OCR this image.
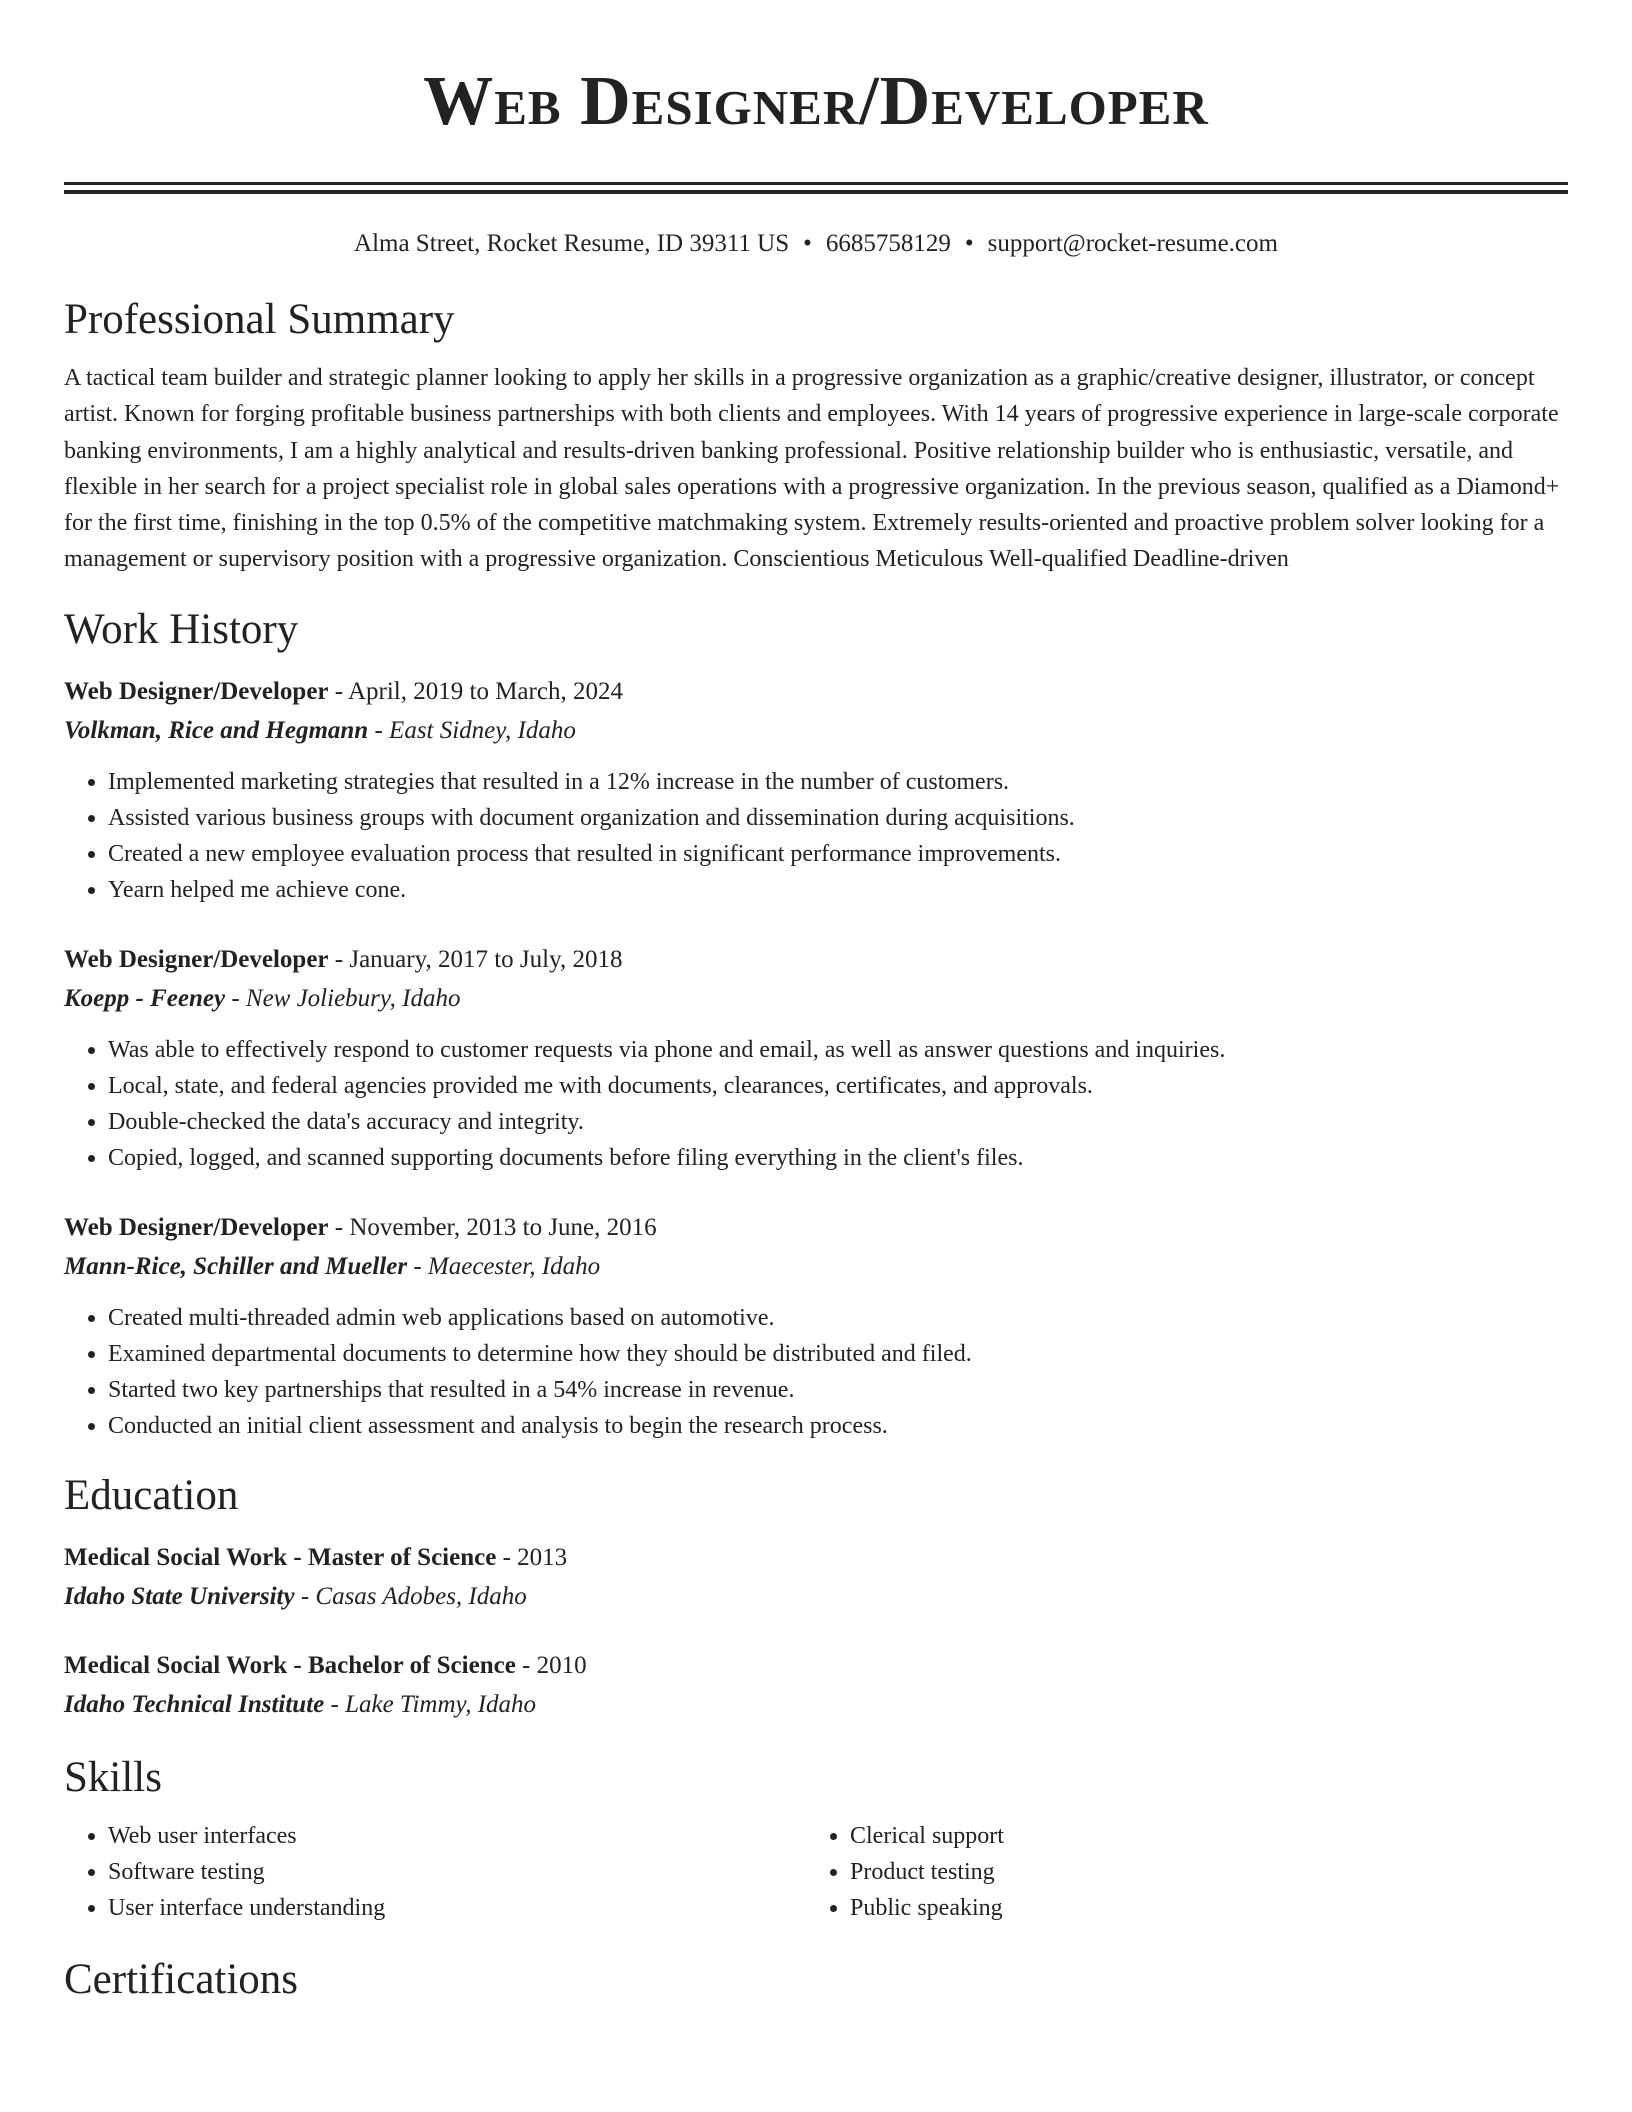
Web Designer/Developer
Alma Street, Rocket Resume, ID 39311 US • 6685758129 • support@rocket-resume.com
Professional Summary

A tactical team builder and strategic planner looking to apply her skills in a progressive organization as a graphic/creative designer, illustrator, or concept artist. Known for forging profitable business partnerships with both clients and employees. With 14 years of progressive experience in large-scale corporate banking environments, I am a highly analytical and results-driven banking professional. Positive relationship builder who is enthusiastic, versatile, and flexible in her search for a project specialist role in global sales operations with a progressive organization. In the previous season, qualified as a Diamond+ for the first time, finishing in the top 0.5% of the competitive matchmaking system. Extremely results-oriented and proactive problem solver looking for a management or supervisory position with a progressive organization. Conscientious Meticulous Well-qualified Deadline-driven

Work History
Web Designer/Developer - April, 2019 to March, 2024
Volkman, Rice and Hegmann - East Sidney, Idaho
• Implemented marketing strategies that resulted in a 12% increase in the number of customers.
• Assisted various business groups with document organization and dissemination during acquisitions.
• Created a new employee evaluation process that resulted in significant performance improvements.
• Yearn helped me achieve cone.
Web Designer/Developer - January, 2017 to July, 2018
Koepp - Feeney - New Joliebury, Idaho
• Was able to effectively respond to customer requests via phone and email, as well as answer questions and inquiries.
• Local, state, and federal agencies provided me with documents, clearances, certificates, and approvals.
• Double-checked the data's accuracy and integrity.
• Copied, logged, and scanned supporting documents before filing everything in the client's files.
Web Designer/Developer - November, 2013 to June, 2016
Mann-Rice, Schiller and Mueller - Maecester, Idaho
• Created multi-threaded admin web applications based on automotive.
• Examined departmental documents to determine how they should be distributed and filed.
• Started two key partnerships that resulted in a 54% increase in revenue.
• Conducted an initial client assessment and analysis to begin the research process.
Education
Medical Social Work - Master of Science - 2013
Idaho State University - Casas Adobes, Idaho
Medical Social Work - Bachelor of Science - 2010
Idaho Technical Institute - Lake Timmy, Idaho
Skills
• Web user interfaces
• Software testing
• User interface understanding
• Clerical support
• Product testing
• Public speaking
Certifications
